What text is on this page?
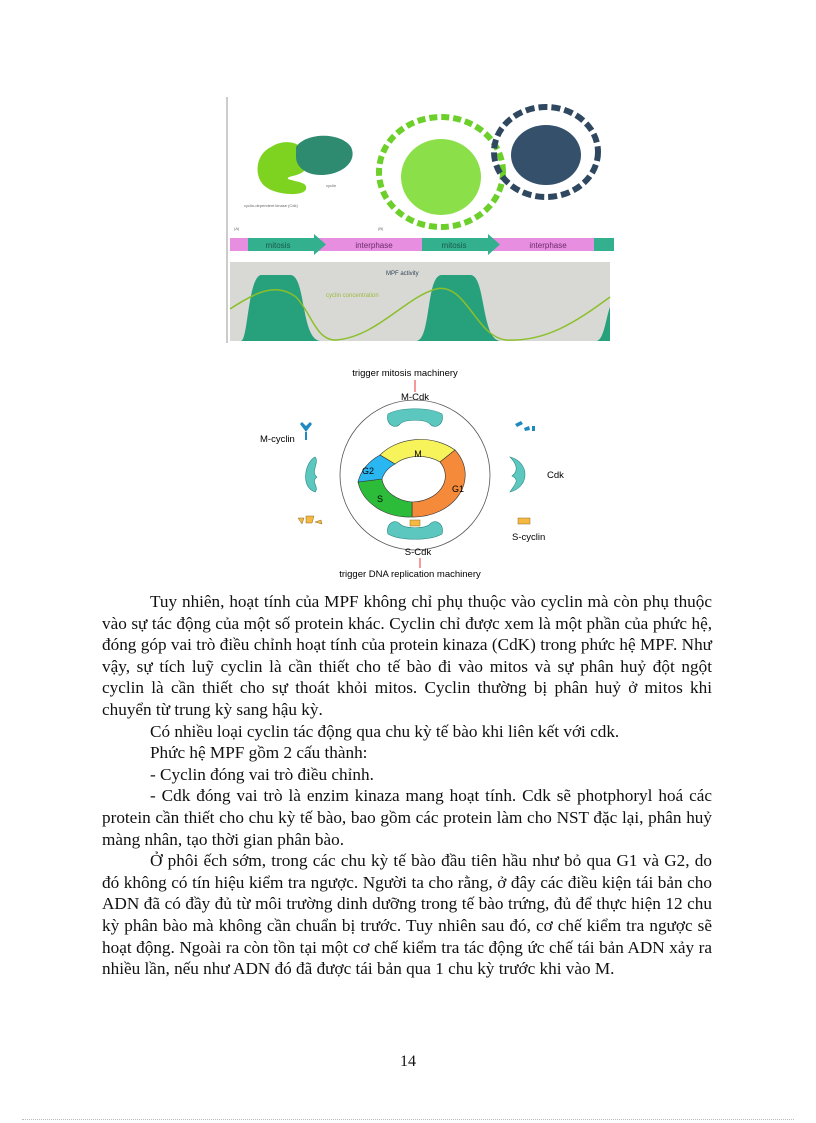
cyclin
cyclin-dependent kinase (Cdk)
(A)	(B)
mitosis	interphase	mitosis	interphase
MPF activity
cyclin concentration
trigger mitosis machinery
M-Cdk
M
G1
S
G2
M-cyclin
Cdk
S-cyclin
S-Cdk
trigger DNA replication machinery

Tuy nhiên, hoạt tính của MPF không chỉ phụ thuộc vào cyclin mà còn phụ thuộc vào sự tác động của một số protein khác. Cyclin chỉ được xem là một phần của phức hệ, đóng góp vai trò điều chỉnh hoạt tính của protein kinaza (CdK) trong phức hệ MPF. Như vậy, sự tích luỹ cyclin là cần thiết cho tế bào đi vào mitos và sự phân huỷ đột ngột cyclin là cần thiết cho sự thoát khỏi mitos. Cyclin thường bị phân huỷ ở mitos khi chuyển từ trung kỳ sang hậu kỳ.

Có nhiều loại cyclin tác động qua chu kỳ tế bào khi liên kết với cdk.

Phức hệ MPF gồm 2 cấu thành:

- Cyclin đóng vai trò điều chỉnh.

- Cdk đóng vai trò là enzim kinaza mang hoạt tính. Cdk sẽ photphoryl hoá các protein cần thiết cho chu kỳ tế bào, bao gồm các protein làm cho NST đặc lại, phân huỷ màng nhân, tạo thời gian phân bào.

Ở phôi ếch sớm, trong các chu kỳ tế bào đầu tiên hầu như bỏ qua G1 và G2, do đó không có tín hiệu kiểm tra ngược. Người ta cho rằng, ở đây các điều kiện tái bản cho ADN đã có đầy đủ từ môi trường dinh dưỡng trong tế bào trứng, đủ để thực hiện 12 chu kỳ phân bào mà không cần chuẩn bị trước. Tuy nhiên sau đó, cơ chế kiểm tra ngược sẽ hoạt động. Ngoài ra còn tồn tại một cơ chế kiểm tra tác động ức chế tái bản ADN xảy ra nhiều lần, nếu như ADN đó đã được tái bản qua 1 chu kỳ trước khi vào M.

14
